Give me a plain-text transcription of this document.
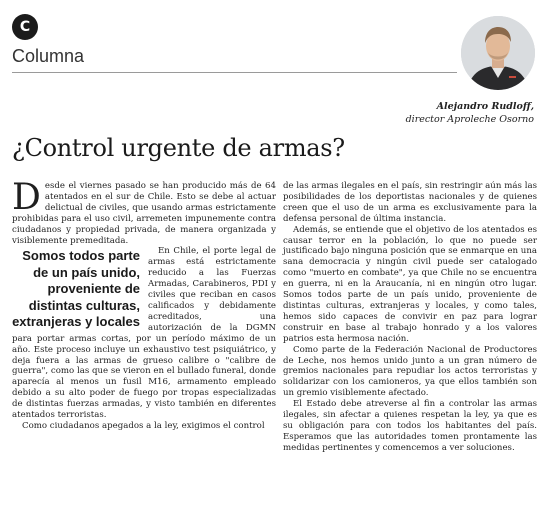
C
Columna
Alejandro Rudloff,
director Aproleche Osorno
¿Control urgente de armas?

Desde el viernes pasado se han producido más de 64 atentados en el sur de Chile. Esto se debe al actuar delictual de civiles, que usando armas estrictamente prohibidas para el uso civil, arremeten impunemente contra ciudadanos y propiedad privada, de manera organizada y visiblemente premeditada.

Somos todos parte de un país unido, proveniente de distintas culturas, extranjeras y locales
En Chile, el porte legal de armas está estrictamente reducido a las Fuerzas Armadas, Carabineros, PDI y civiles que reciban en casos calificados y debidamente acreditados, una autorización de la DGMN para portar armas cortas, por un período máximo de un año. Este proceso incluye un exhaustivo test psiquiátrico, y deja fuera a las armas de grueso calibre o "calibre de guerra", como las que se vieron en el bullado funeral, donde aparecía al menos un fusil M16, armamento empleado debido a su alto poder de fuego por tropas especializadas de distintas fuerzas armadas, y visto también en diferentes atentados terroristas.

Como ciudadanos apegados a la ley, exigimos el control

de las armas ilegales en el país, sin restringir aún más las posibilidades de los deportistas nacionales y de quienes creen que el uso de un arma es exclusivamente para la defensa personal de última instancia.

Además, se entiende que el objetivo de los atentados es causar terror en la población, lo que no puede ser justificado bajo ninguna posición que se enmarque en una sana democracia y ningún civil puede ser catalogado como "muerto en combate", ya que Chile no se encuentra en guerra, ni en la Araucanía, ni en ningún otro lugar. Somos todos parte de un país unido, proveniente de distintas culturas, extranjeras y locales, y como tales, hemos sido capaces de convivir en paz para lograr construir en base al trabajo honrado y a los valores patrios esta hermosa nación.

Como parte de la Federación Nacional de Productores de Leche, nos hemos unido junto a un gran número de gremios nacionales para repudiar los actos terroristas y solidarizar con los camioneros, ya que ellos también son un gremio visiblemente afectado.

El Estado debe atreverse al fin a controlar las armas ilegales, sin afectar a quienes respetan la ley, ya que es su obligación para con todos los habitantes del país. Esperamos que las autoridades tomen prontamente las medidas pertinentes y comencemos a ver soluciones.
